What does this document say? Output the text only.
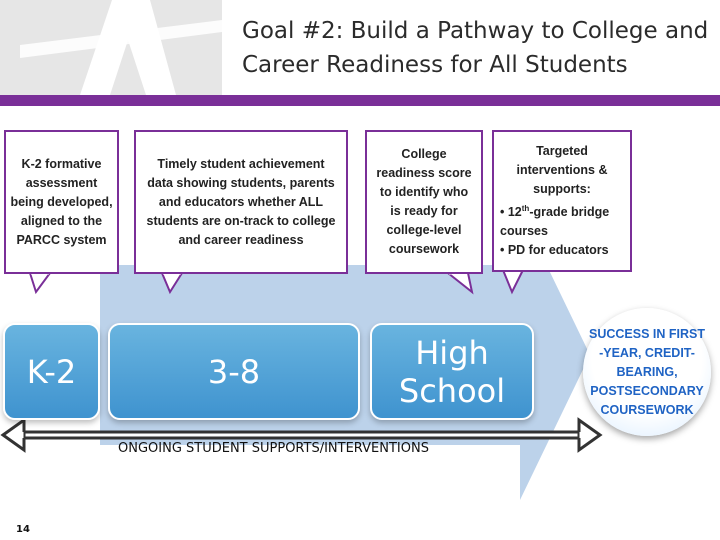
Goal #2: Build a Pathway to College and Career Readiness for All Students
K-2 formative assessment being developed, aligned to the PARCC system
Timely student achievement data showing students, parents and educators whether ALL students are on-track to college and career readiness
College readiness score to identify who is ready for college-level coursework
Targeted interventions & supports:
• 12th-grade bridge courses
• PD for educators
K-2	3-8	High School
SUCCESS IN FIRST -YEAR, CREDIT-BEARING, POSTSECONDARY COURSEWORK
ONGOING STUDENT SUPPORTS/INTERVENTIONS
14
